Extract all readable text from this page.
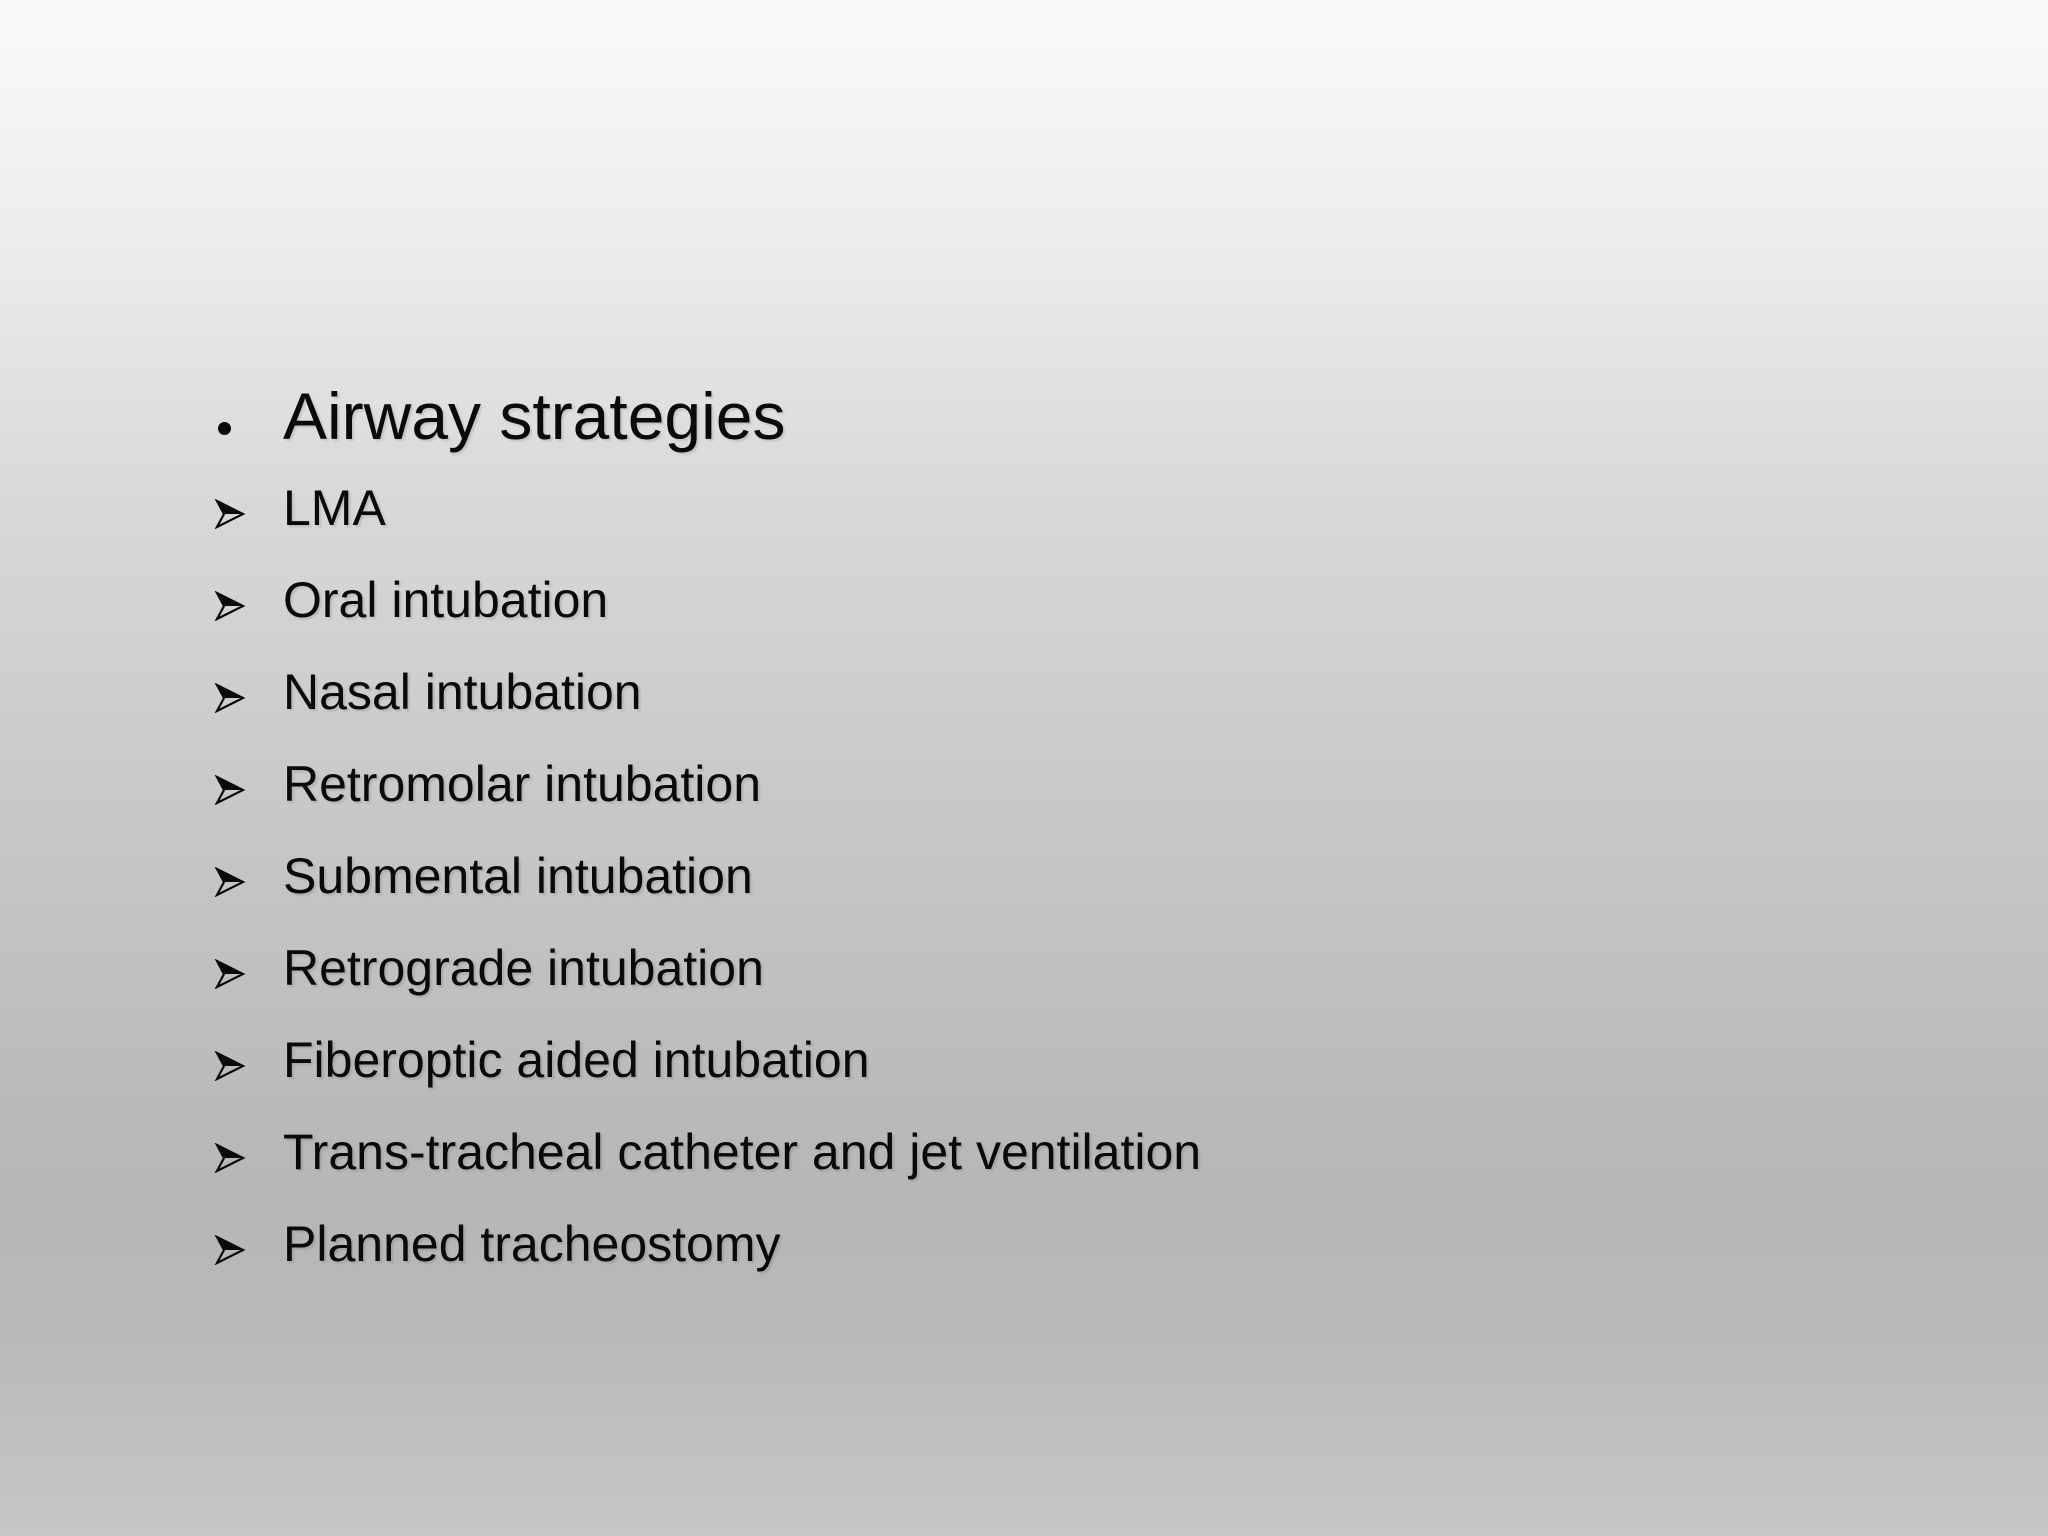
Airway strategies
LMA
Oral intubation
Nasal intubation
Retromolar intubation
Submental intubation
Retrograde intubation
Fiberoptic aided intubation
Trans-tracheal catheter and jet ventilation
Planned tracheostomy
